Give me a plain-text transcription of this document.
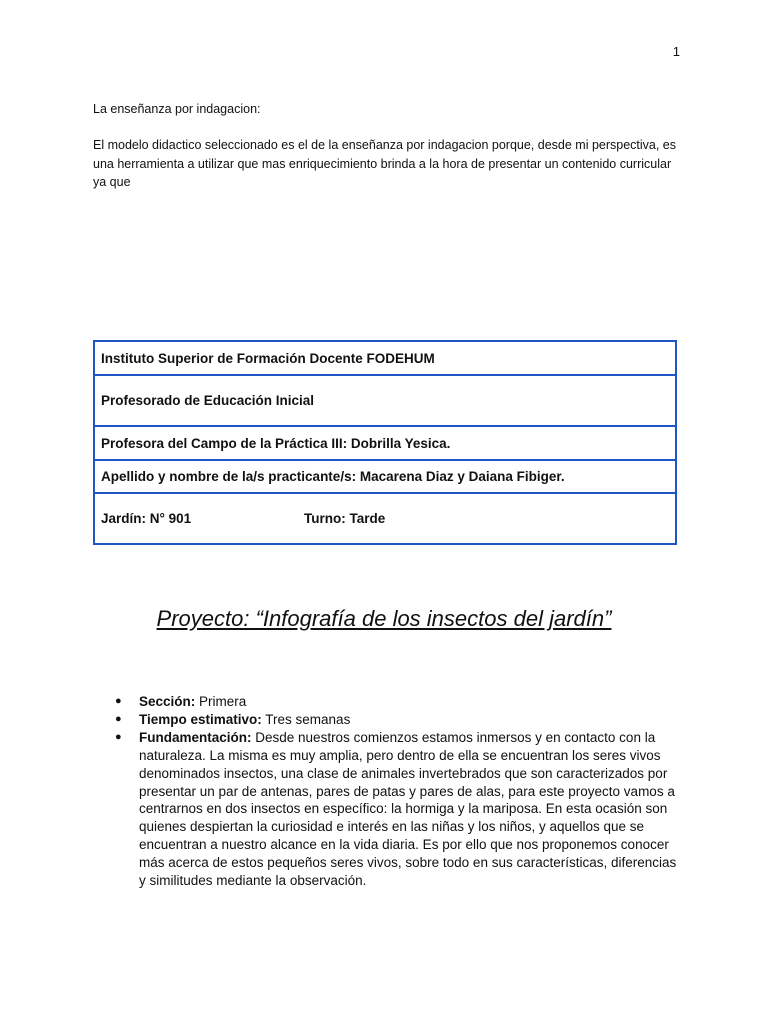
1
La enseñanza por indagacion:

El modelo didactico seleccionado es el de la enseñanza por indagacion porque, desde mi perspectiva, es una herramienta a utilizar que mas enriquecimiento brinda a la hora de presentar un contenido curricular ya que

Instituto Superior de Formación Docente FODEHUM
Profesorado de Educación Inicial
Profesora del Campo de la Práctica III: Dobrilla Yesica.
Apellido y nombre de la/s practicante/s: Macarena Diaz y Daiana Fibiger.
Jardín: N° 901	Turno: Tarde
Proyecto: “Infografía de los insectos del jardín”
● Sección: Primera
● Tiempo estimativo: Tres semanas
● Fundamentación: Desde nuestros comienzos estamos inmersos y en contacto con la naturaleza. La misma es muy amplia, pero dentro de ella se encuentran los seres vivos denominados insectos, una clase de animales invertebrados que son caracterizados por presentar un par de antenas, pares de patas y pares de alas, para este proyecto vamos a centrarnos en dos insectos en específico: la hormiga y la mariposa. En esta ocasión son quienes despiertan la curiosidad e interés en las niñas y los niños, y aquellos que se encuentran a nuestro alcance en la vida diaria. Es por ello que nos proponemos conocer más acerca de estos pequeños seres vivos, sobre todo en sus características, diferencias y similitudes mediante la observación.
